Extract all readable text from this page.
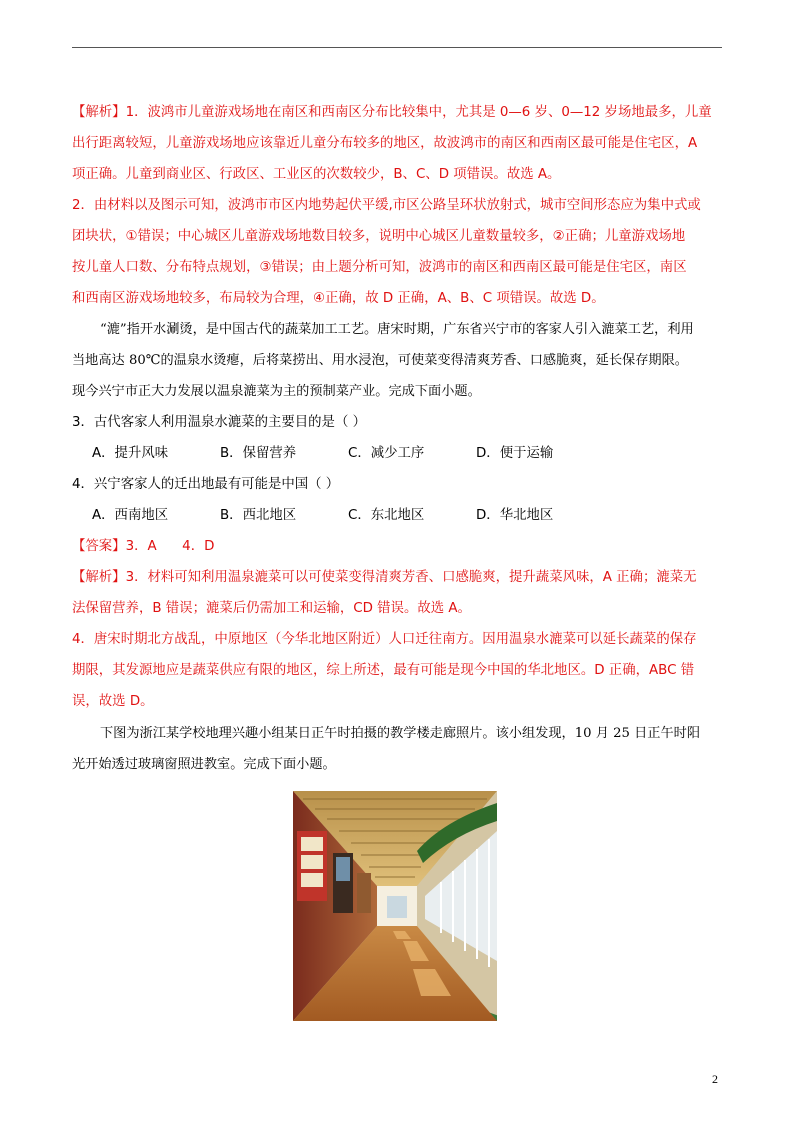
【解析】1．波鸿市儿童游戏场地在南区和西南区分布比较集中，尤其是 0—6 岁、0—12 岁场地最多，儿童

出行距离较短，儿童游戏场地应该靠近儿童分布较多的地区，故波鸿市的南区和西南区最可能是住宅区，A

项正确。儿童到商业区、行政区、工业区的次数较少，B、C、D 项错误。故选 A。

2．由材料以及图示可知，波鸿市市区内地势起伏平缓,市区公路呈环状放射式，城市空间形态应为集中式或

团块状，①错误；中心城区儿童游戏场地数目较多，说明中心城区儿童数量较多，②正确；儿童游戏场地

按儿童人口数、分布特点规划，③错误；由上题分析可知，波鸿市的南区和西南区最可能是住宅区，南区

和西南区游戏场地较多，布局较为合理，④正确，故 D 正确，A、B、C 项错误。故选 D。

“漉”指开水涮烫，是中国古代的蔬菜加工工艺。唐宋时期，广东省兴宁市的客家人引入漉菜工艺，利用

当地高达 80℃的温泉水烫瘪，后将菜捞出、用水浸泡，可使菜变得清爽芳香、口感脆爽，延长保存期限。

现今兴宁市正大力发展以温泉漉菜为主的预制菜产业。完成下面小题。

3．古代客家人利用温泉水漉菜的主要目的是（ ）

A．提升风味	B．保留营养	C．减少工序	D．便于运输

4．兴宁客家人的迁出地最有可能是中国（ ）

A．西南地区	B．西北地区	C．东北地区	D．华北地区

【答案】3．A      4．D

【解析】3．材料可知利用温泉漉菜可以可使菜变得清爽芳香、口感脆爽，提升蔬菜风味，A 正确；漉菜无

法保留营养，B 错误；漉菜后仍需加工和运输，CD 错误。故选 A。

4．唐宋时期北方战乱，中原地区（今华北地区附近）人口迁往南方。因用温泉水漉菜可以延长蔬菜的保存

期限，其发源地应是蔬菜供应有限的地区，综上所述，最有可能是现今中国的华北地区。D 正确，ABC 错

误，故选 D。

下图为浙江某学校地理兴趣小组某日正午时拍摄的教学楼走廊照片。该小组发现，10 月 25 日正午时阳

光开始透过玻璃窗照进教室。完成下面小题。

2
